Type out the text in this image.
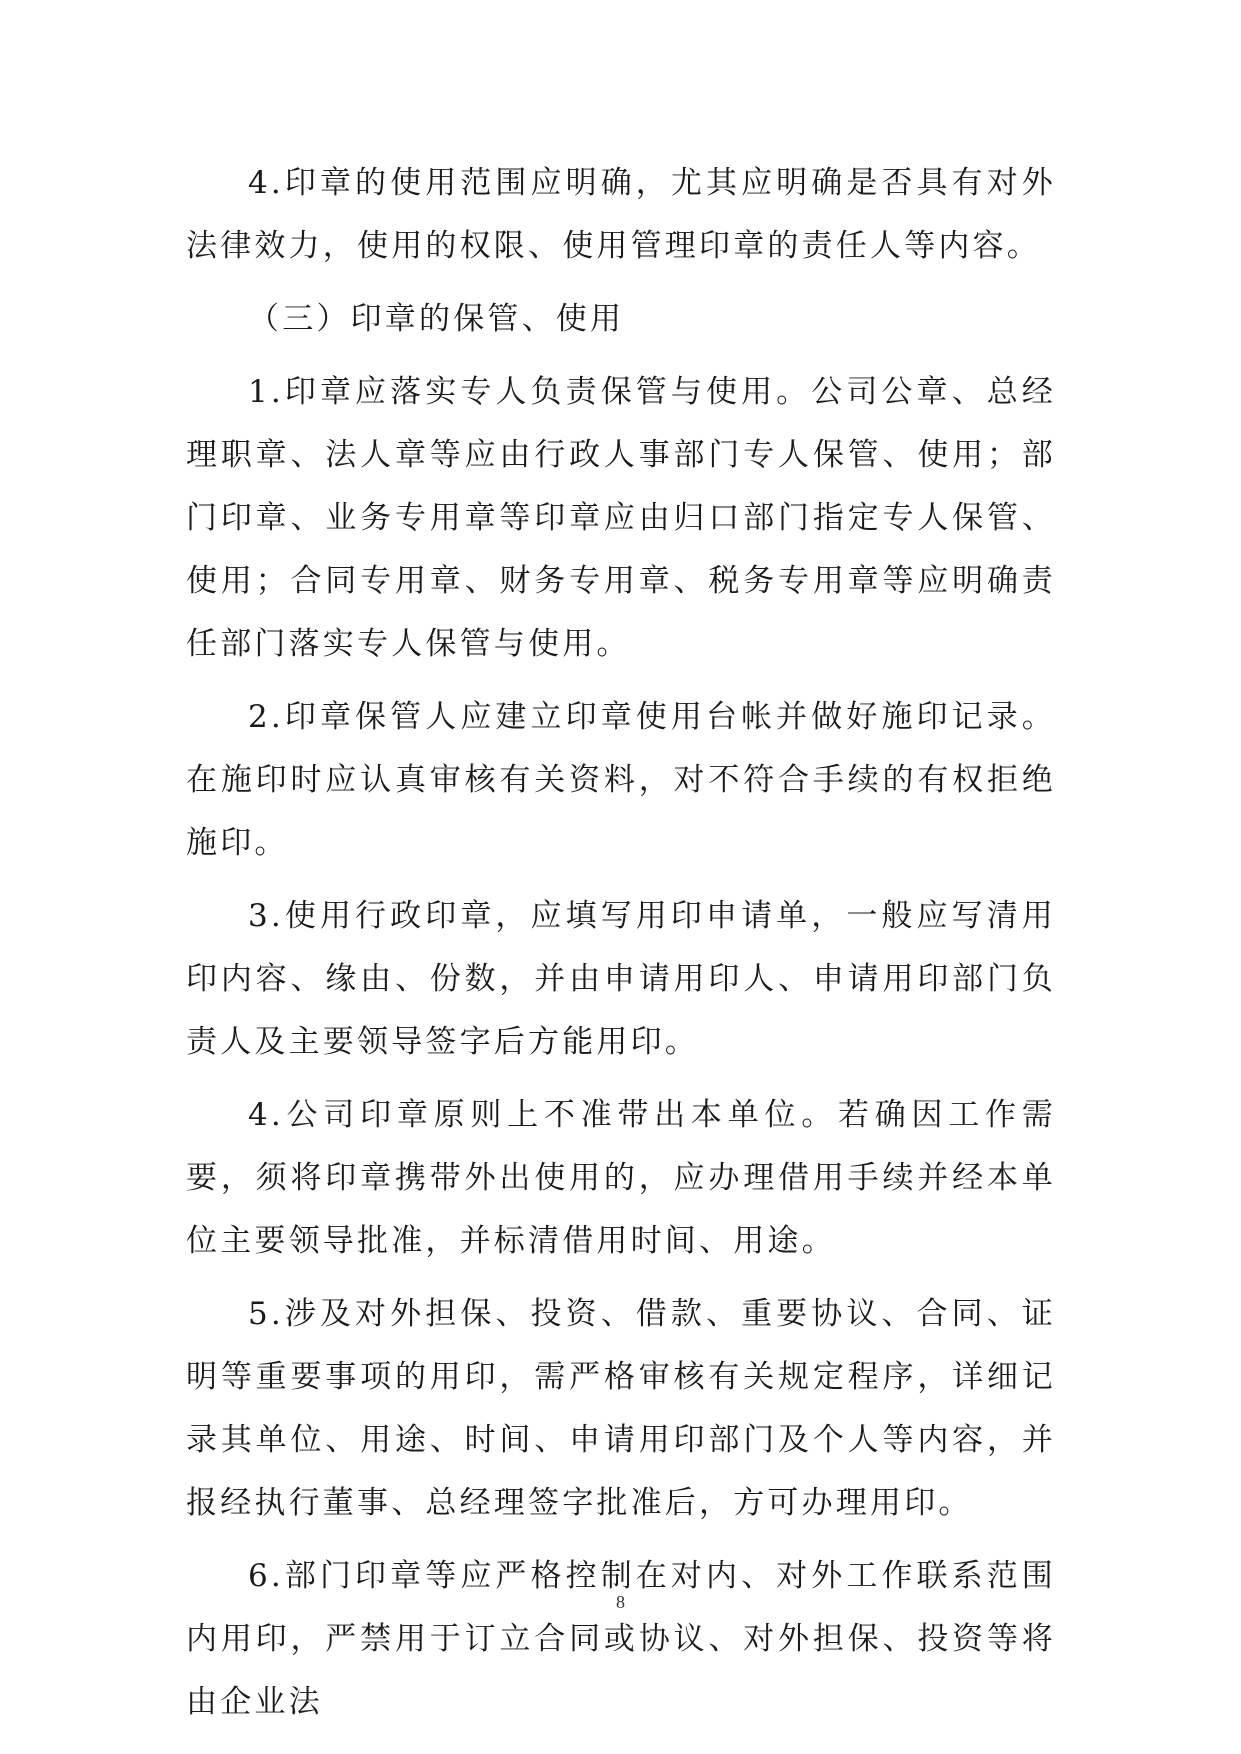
4.印章的使用范围应明确，尤其应明确是否具有对外法律效力，使用的权限、使用管理印章的责任人等内容。

（三）印章的保管、使用

1.印章应落实专人负责保管与使用。公司公章、总经理职章、法人章等应由行政人事部门专人保管、使用；部门印章、业务专用章等印章应由归口部门指定专人保管、使用；合同专用章、财务专用章、税务专用章等应明确责任部门落实专人保管与使用。

2.印章保管人应建立印章使用台帐并做好施印记录。在施印时应认真审核有关资料，对不符合手续的有权拒绝施印。

3.使用行政印章，应填写用印申请单，一般应写清用印内容、缘由、份数，并由申请用印人、申请用印部门负责人及主要领导签字后方能用印。

4.公司印章原则上不准带出本单位。若确因工作需要，须将印章携带外出使用的，应办理借用手续并经本单位主要领导批准，并标清借用时间、用途。

5.涉及对外担保、投资、借款、重要协议、合同、证明等重要事项的用印，需严格审核有关规定程序，详细记录其单位、用途、时间、申请用印部门及个人等内容，并报经执行董事、总经理签字批准后，方可办理用印。

6.部门印章等应严格控制在对内、对外工作联系范围内用印，严禁用于订立合同或协议、对外担保、投资等将由企业法

8
